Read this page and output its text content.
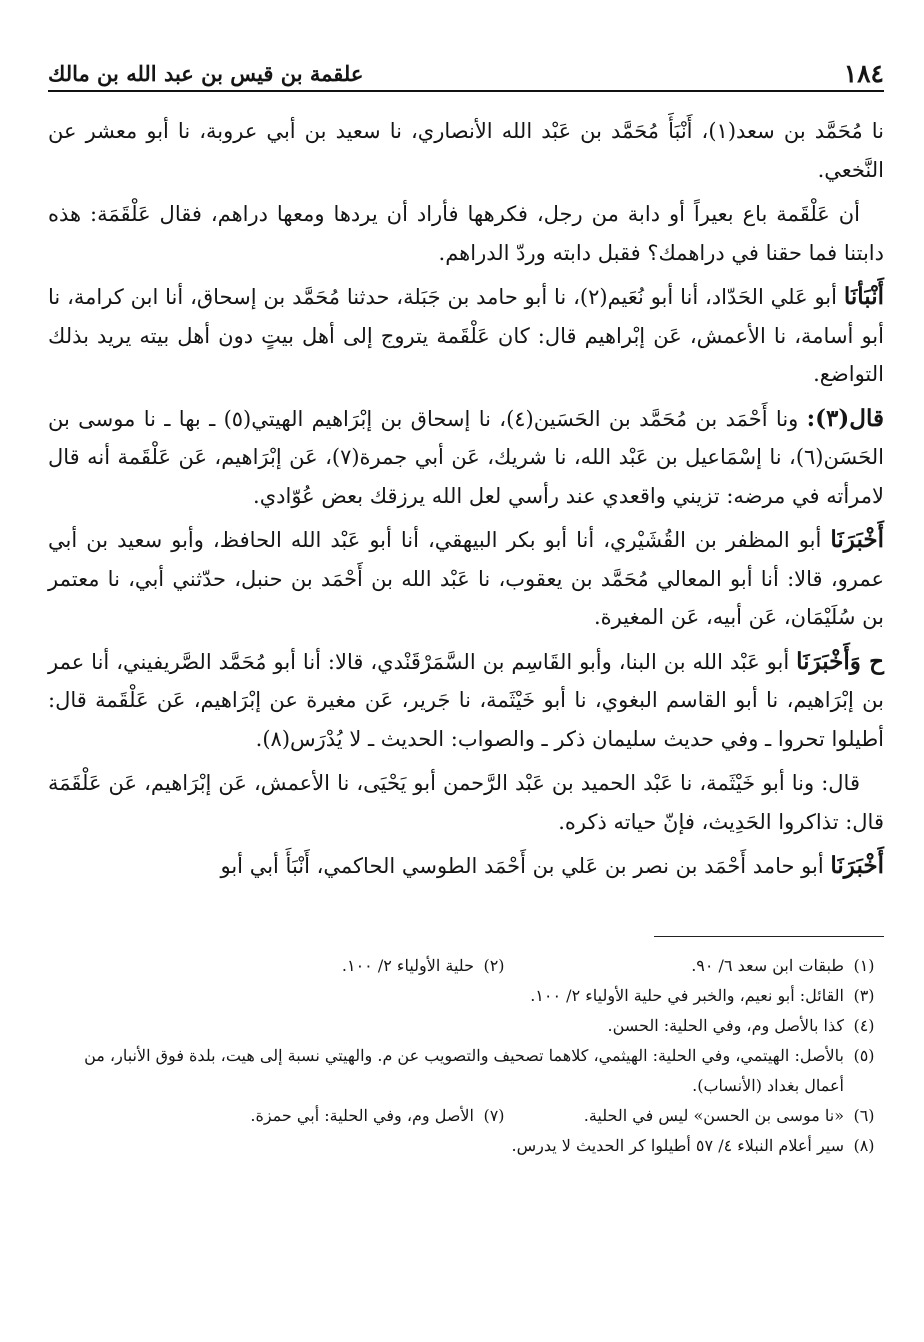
١٨٤
علقمة بن قيس بن عبد الله بن مالك

نا مُحَمَّد بن سعد(١)، أَنْبَأَ مُحَمَّد بن عَبْد الله الأنصاري، نا سعيد بن أبي عروبة، نا أبو معشر عن النَّخعي.

أن عَلْقَمة باع بعيراً أو دابة من رجل، فكرهها فأراد أن يردها ومعها دراهم، فقال عَلْقَمَة: هذه دابتنا فما حقنا في دراهمك؟ فقبل دابته وردّ الدراهم.

أَنْبَأنَا أبو عَلي الحَدّاد، أنا أبو نُعَيم(٢)، نا أبو حامد بن جَبَلة، حدثنا مُحَمَّد بن إسحاق، أنا ابن كرامة، نا أبو أسامة، نا الأعمش، عَن إبْراهيم قال: كان عَلْقَمة يتروج إلى أهل بيتٍ دون أهل بيته يريد بذلك التواضع.

قال(٣): ونا أَحْمَد بن مُحَمَّد بن الحَسَين(٤)، نا إسحاق بن إبْرَاهيم الهيتي(٥) ـ بها ـ نا موسى بن الحَسَن(٦)، نا إسْمَاعيل بن عَبْد الله، نا شريك، عَن أبي جمرة(٧)، عَن إبْرَاهيم، عَن عَلْقَمة أنه قال لامرأته في مرضه: تزيني واقعدي عند رأسي لعل الله يرزقك بعض عُوّادي.

أَخْبَرَنَا أبو المظفر بن القُشَيْري، أنا أبو بكر البيهقي، أنا أبو عَبْد الله الحافظ، وأبو سعيد بن أبي عمرو، قالا: أنا أبو المعالي مُحَمَّد بن يعقوب، نا عَبْد الله بن أَحْمَد بن حنبل، حدّثني أبي، نا معتمر بن سُلَيْمَان، عَن أبيه، عَن المغيرة.

ح وَأَخْبَرَنَا أبو عَبْد الله بن البنا، وأبو القَاسِم بن السَّمَرْقَنْدي، قالا: أنا أبو مُحَمَّد الصَّريفيني، أنا عمر بن إبْرَاهيم، نا أبو القاسم البغوي، نا أبو خَيْثَمة، نا جَرير، عَن مغيرة عن إبْرَاهيم، عَن عَلْقَمة قال: أطيلوا تحروا ـ وفي حديث سليمان ذكر ـ والصواب: الحديث ـ لا يُدْرَس(٨).

قال: ونا أبو خَيْثَمة، نا عَبْد الحميد بن عَبْد الرَّحمن أبو يَحْيَى، نا الأعمش، عَن إبْرَاهيم، عَن عَلْقَمَة قال: تذاكروا الحَدِيث، فإنّ حياته ذكره.

أَخْبَرَنَا أبو حامد أَحْمَد بن نصر بن عَلي بن أَحْمَد الطوسي الحاكمي، أَنْبَأَ أبي أبو

(١)
طبقات ابن سعد ٦/ ٩٠.
(٢)
حلية الأولياء ٢/ ١٠٠.
(٣)
القائل: أبو نعيم، والخبر في حلية الأولياء ٢/ ١٠٠.
(٤)
كذا بالأصل وم، وفي الحلية: الحسن.
(٥)
بالأصل: الهيتمي، وفي الحلية: الهيثمي، كلاهما تصحيف والتصويب عن م. والهيتي نسبة إلى هيت، بلدة فوق الأنبار، من أعمال بغداد (الأنساب).
(٦)
«نا موسى بن الحسن» ليس في الحلية.
(٧)
الأصل وم، وفي الحلية: أبي حمزة.
(٨)
سير أعلام النبلاء ٤/ ٥٧ أطيلوا كر الحديث لا يدرس.
